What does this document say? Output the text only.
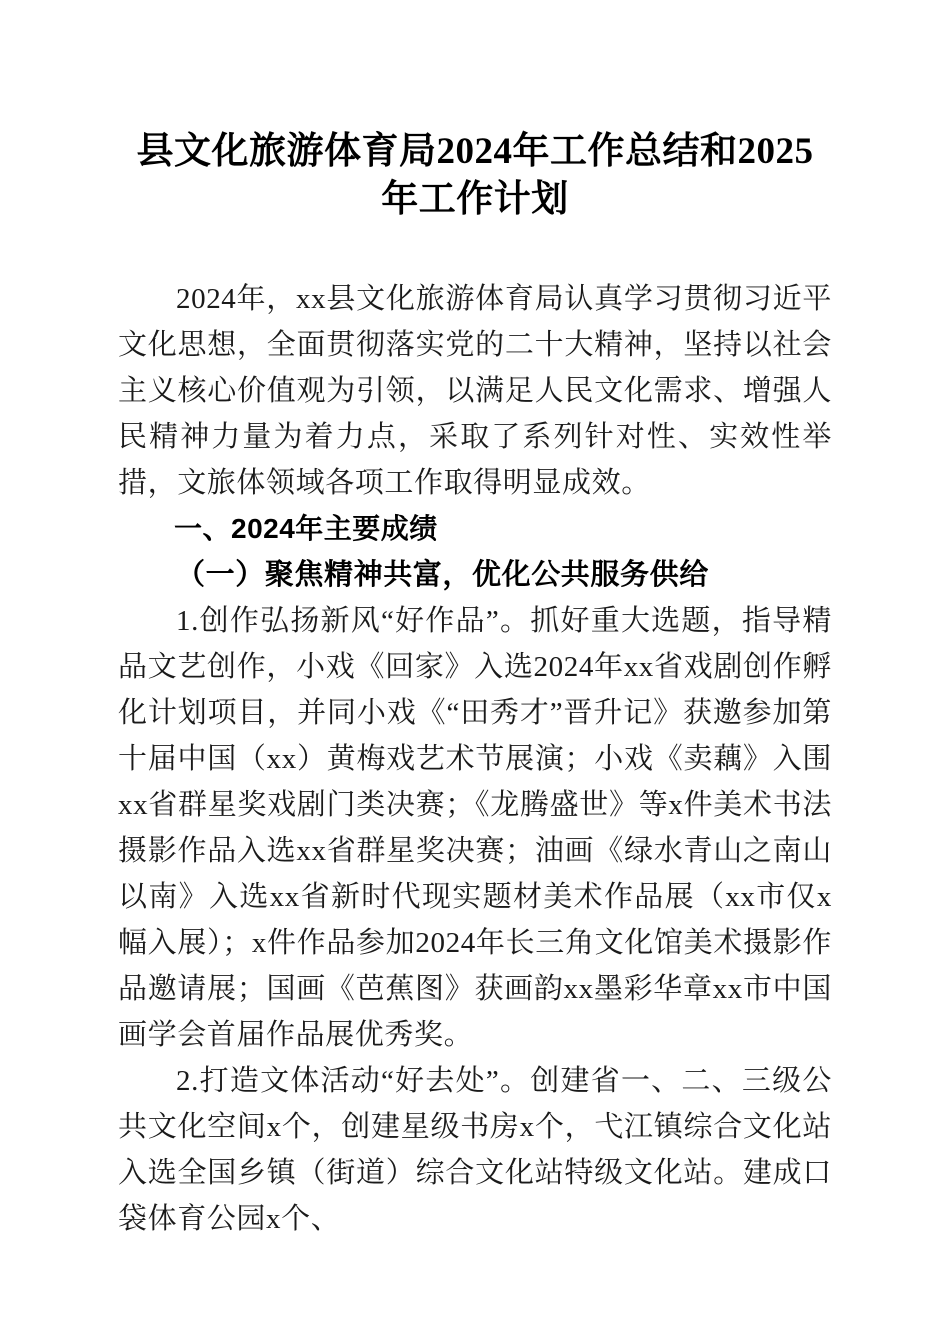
县文化旅游体育局2024年工作总结和2025年工作计划

2024年，xx县文化旅游体育局认真学习贯彻习近平文化思想，全面贯彻落实党的二十大精神，坚持以社会主义核心价值观为引领，以满足人民文化需求、增强人民精神力量为着力点，采取了系列针对性、实效性举措，文旅体领域各项工作取得明显成效。

一、2024年主要成绩

（一）聚焦精神共富，优化公共服务供给

1.创作弘扬新风“好作品”。抓好重大选题，指导精品文艺创作，小戏《回家》入选2024年xx省戏剧创作孵化计划项目，并同小戏《“田秀才”晋升记》获邀参加第十届中国（xx）黄梅戏艺术节展演；小戏《卖藕》入围xx省群星奖戏剧门类决赛；《龙腾盛世》等x件美术书法摄影作品入选xx省群星奖决赛；油画《绿水青山之南山以南》入选xx省新时代现实题材美术作品展（xx市仅x幅入展）；x件作品参加2024年长三角文化馆美术摄影作品邀请展；国画《芭蕉图》获画韵xx墨彩华章xx市中国画学会首届作品展优秀奖。

2.打造文体活动“好去处”。创建省一、二、三级公共文化空间x个，创建星级书房x个，弋江镇综合文化站入选全国乡镇（街道）综合文化站特级文化站。建成口袋体育公园x个、
